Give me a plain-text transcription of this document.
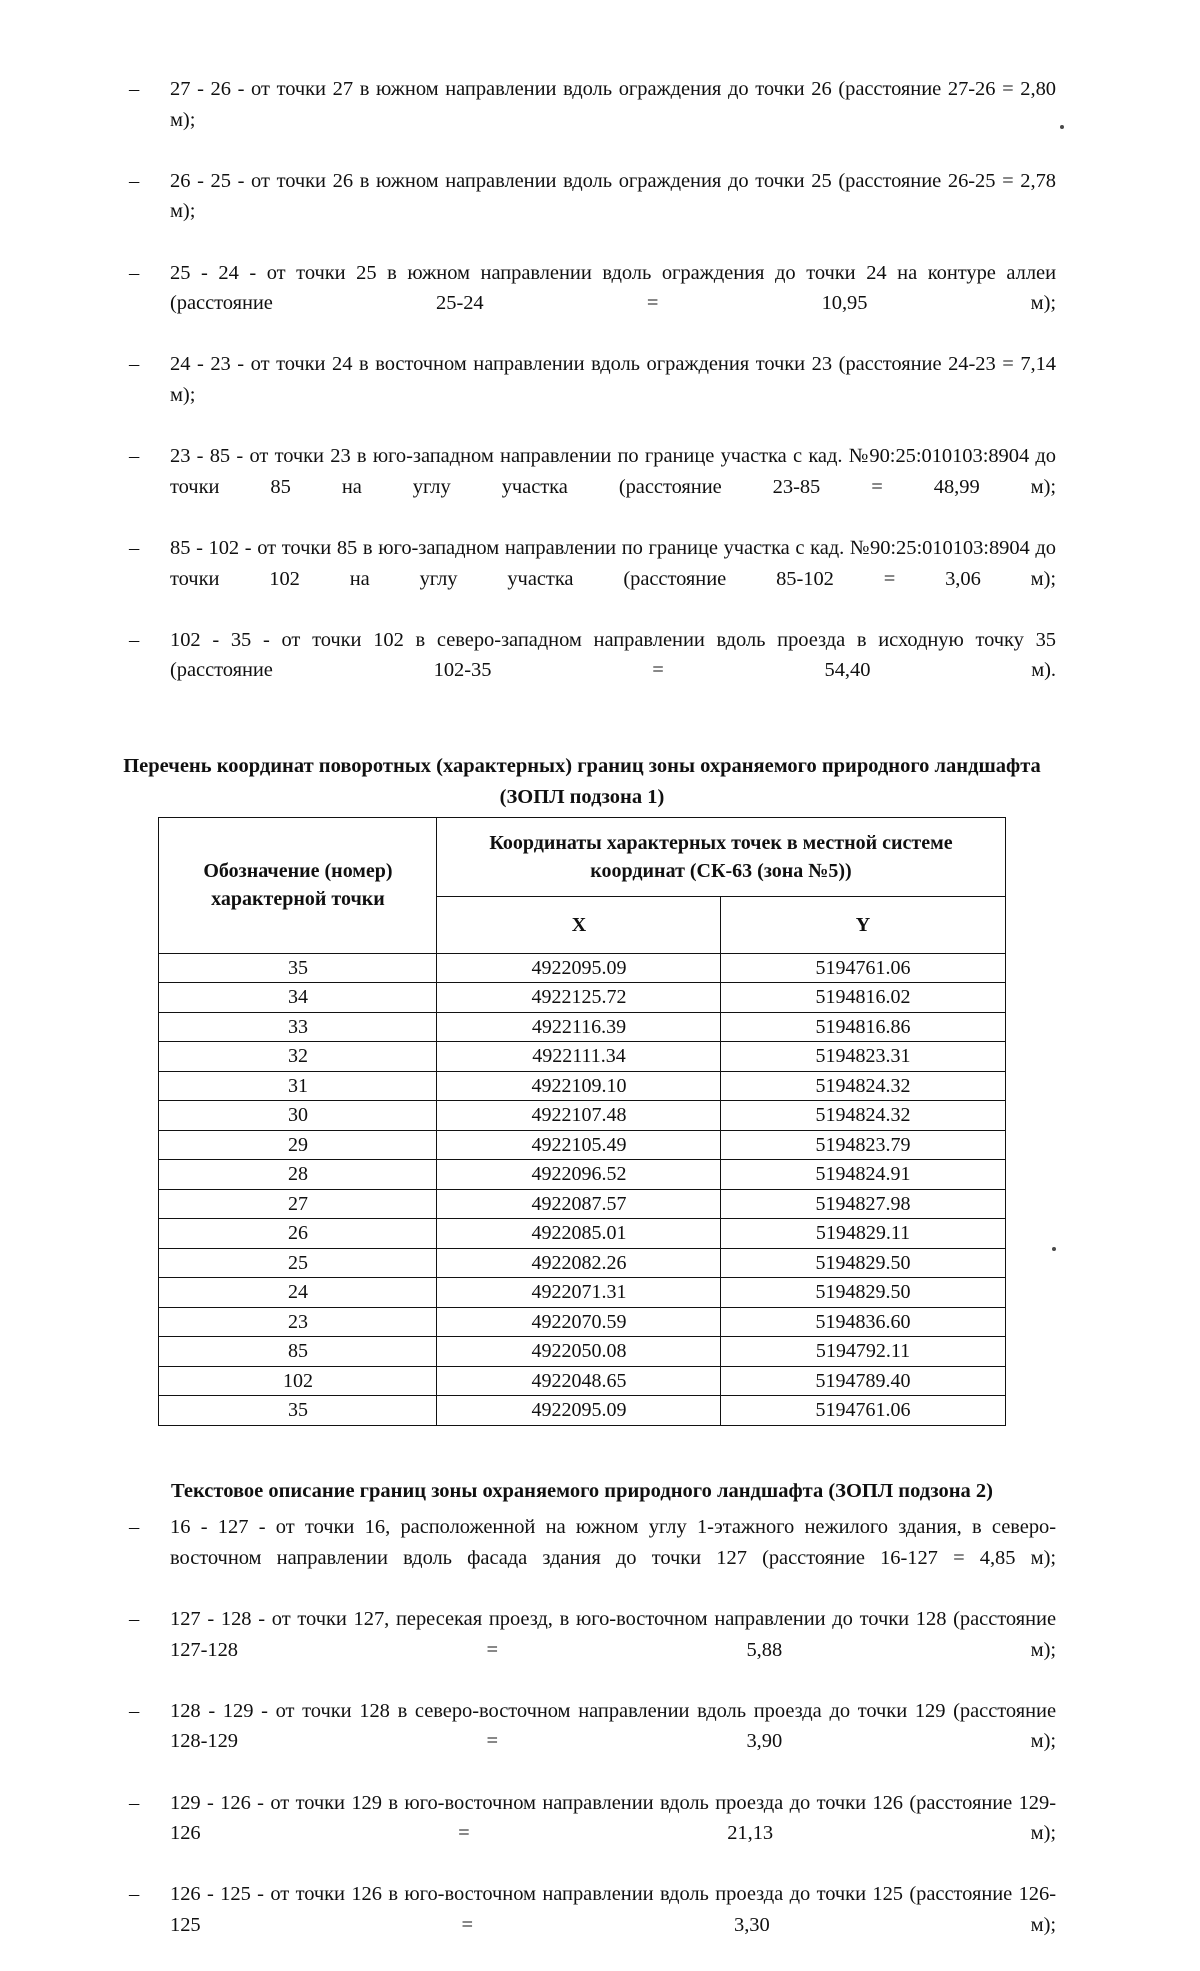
– 27 - 26 - от точки 27 в южном направлении вдоль ограждения до точки 26 (расстояние 27-26 = 2,80 м);
– 26 - 25 - от точки 26 в южном направлении вдоль ограждения до точки 25 (расстояние 26-25 = 2,78 м);
– 25 - 24 - от точки 25 в южном направлении вдоль ограждения до точки 24 на контуре аллеи (расстояние 25-24 = 10,95 м);
– 24 - 23 - от точки 24 в восточном направлении вдоль ограждения точки 23 (расстояние 24-23 = 7,14 м);
– 23 - 85 - от точки 23 в юго-западном направлении по границе участка с кад. №90:25:010103:8904 до точки 85 на углу участка (расстояние 23-85 = 48,99 м);
– 85 - 102 - от точки 85 в юго-западном направлении по границе участка с кад. №90:25:010103:8904 до точки 102 на углу участка (расстояние 85-102 = 3,06 м);
– 102 - 35 - от точки 102 в северо-западном направлении вдоль проезда в исходную точку 35 (расстояние 102-35 = 54,40 м).
Перечень координат поворотных (характерных) границ зоны охраняемого природного ландшафта (ЗОПЛ подзона 1)
Обозначение (номер) характерной точки	Координаты характерных точек в местной системе координат (СК-63 (зона №5))	
	X	Y
35	4922095.09	5194761.06
34	4922125.72	5194816.02
33	4922116.39	5194816.86
32	4922111.34	5194823.31
31	4922109.10	5194824.32
30	4922107.48	5194824.32
29	4922105.49	5194823.79
28	4922096.52	5194824.91
27	4922087.57	5194827.98
26	4922085.01	5194829.11
25	4922082.26	5194829.50
24	4922071.31	5194829.50
23	4922070.59	5194836.60
85	4922050.08	5194792.11
102	4922048.65	5194789.40
35	4922095.09	5194761.06
Текстовое описание границ зоны охраняемого природного ландшафта (ЗОПЛ подзона 2)
– 16 - 127 - от точки 16, расположенной на южном углу 1-этажного нежилого здания, в северо-восточном направлении вдоль фасада здания до точки 127 (расстояние 16-127 = 4,85 м);
– 127 - 128 - от точки 127, пересекая проезд, в юго-восточном направлении до точки 128 (расстояние 127-128 = 5,88 м);
– 128 - 129 - от точки 128 в северо-восточном направлении вдоль проезда до точки 129 (расстояние 128-129 = 3,90 м);
– 129 - 126 - от точки 129 в юго-восточном направлении вдоль проезда до точки 126 (расстояние 129-126 = 21,13 м);
– 126 - 125 - от точки 126 в юго-восточном направлении вдоль проезда до точки 125 (расстояние 126-125 = 3,30 м);
